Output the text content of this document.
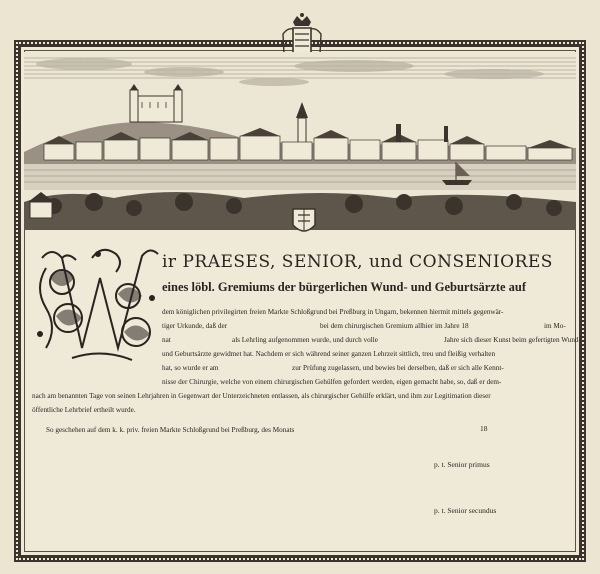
ir PRAESES, SENIOR, und CONSENIORES
eines löbl. Gremiums der bürgerlichen Wund- und Geburtsärzte auf
dem königlichen privilegirten freien Markte Schloßgrund bei Preßburg in Ungarn, bekennen hiermit mittels gegenwär-
tiger Urkunde, daß der	bei dem chirurgischen Gremium allhier im Jahre 18	im Mo-
nat	als Lehrling aufgenommen wurde, und durch volle	Jahre sich dieser Kunst beim gefertigten Wund-
und Geburtsärzte gewidmet hat. Nachdem er sich während seiner ganzen Lehrzeit sittlich, treu und fleißig verhalten
hat, so wurde er am	zur Prüfung zugelassen, und bewies bei derselben, daß er sich alle Kennt-
nisse der Chirurgie, welche von einem chirurgischen Gehülfen gefordert werden, eigen gemacht habe, so, daß er dem-
nach am benannten Tage von seinen Lehrjahren in Gegenwart der Unterzeichneten entlassen, als chirurgischer Gehülfe erklärt, und ihm zur Legitimation dieser
öffentliche Lehrbrief ertheilt wurde.
So geschehen auf dem k. k. priv. freien Markte Schloßgrund bei Preßburg, des Monats	18
p. t. Senior primus
p. t. Senior secundus
